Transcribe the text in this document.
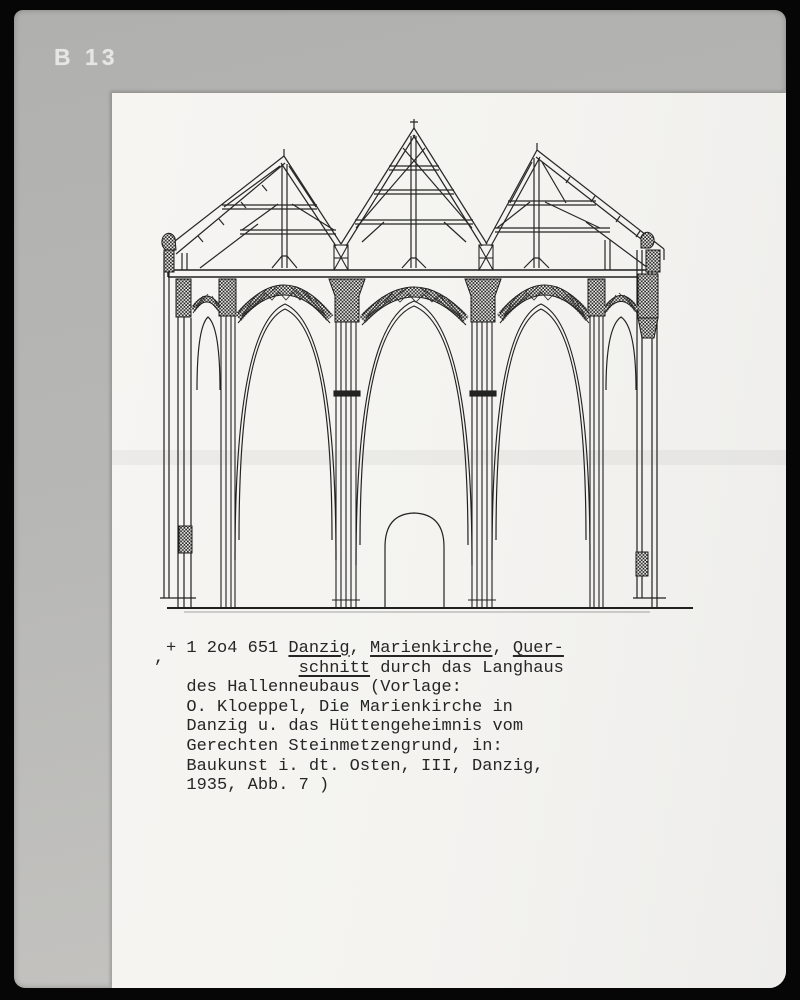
B 13
,
+ 1 2o4 651 Danzig, Marienkirche, Quer-
schnitt durch das Langhaus
des Hallenneubaus (Vorlage:
O. Kloeppel, Die Marienkirche in
Danzig u. das Hüttengeheimnis vom
Gerechten Steinmetzengrund, in:
Baukunst i. dt. Osten, III, Danzig,
1935, Abb. 7 )
